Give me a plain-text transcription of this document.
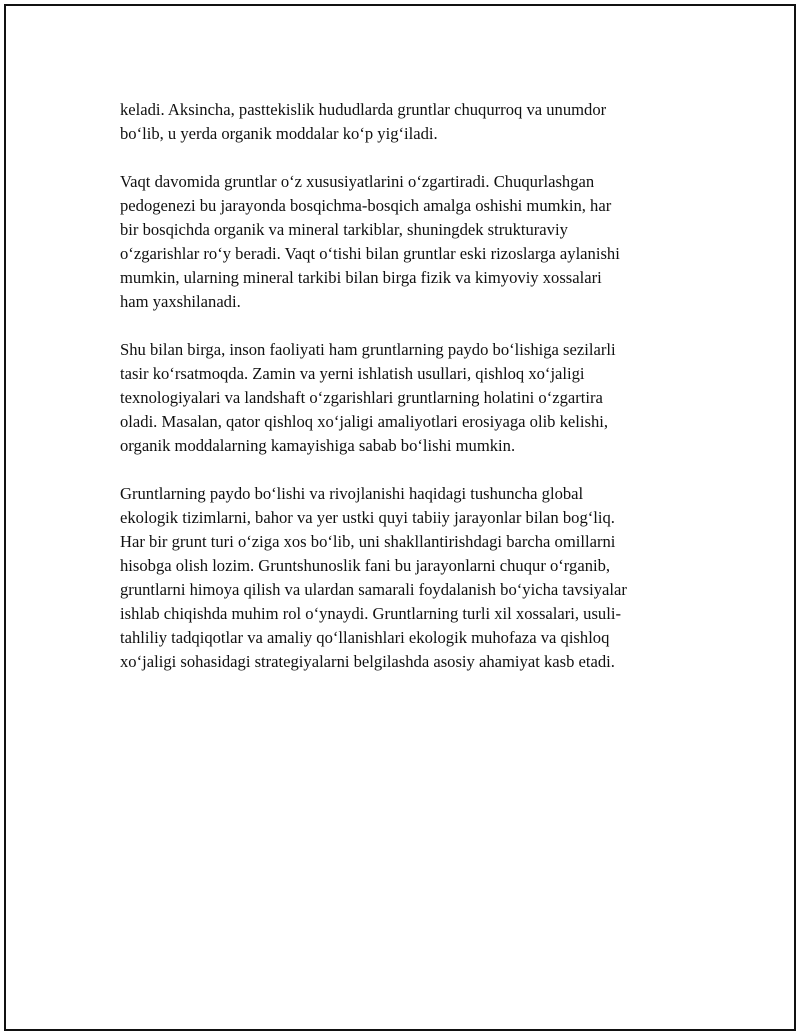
keladi. Aksincha, pasttekislik hududlarda gruntlar chuqurroq va unumdor
bo‘lib, u yerda organik moddalar ko‘p yig‘iladi.

Vaqt davomida gruntlar o‘z xususiyatlarini o‘zgartiradi. Chuqurlashgan
pedogenezi bu jarayonda bosqichma-bosqich amalga oshishi mumkin, har
bir bosqichda organik va mineral tarkiblar, shuningdek strukturaviy
o‘zgarishlar ro‘y beradi. Vaqt o‘tishi bilan gruntlar eski rizoslarga aylanishi
mumkin, ularning mineral tarkibi bilan birga fizik va kimyoviy xossalari
ham yaxshilanadi.

Shu bilan birga, inson faoliyati ham gruntlarning paydo bo‘lishiga sezilarli
tasir ko‘rsatmoqda. Zamin va yerni ishlatish usullari, qishloq xo‘jaligi
texnologiyalari va landshaft o‘zgarishlari gruntlarning holatini o‘zgartira
oladi. Masalan, qator qishloq xo‘jaligi amaliyotlari erosiyaga olib kelishi,
organik moddalarning kamayishiga sabab bo‘lishi mumkin.

Gruntlarning paydo bo‘lishi va rivojlanishi haqidagi tushuncha global
ekologik tizimlarni, bahor va yer ustki quyi tabiiy jarayonlar bilan bog‘liq.
Har bir grunt turi o‘ziga xos bo‘lib, uni shakllantirishdagi barcha omillarni
hisobga olish lozim. Gruntshunoslik fani bu jarayonlarni chuqur o‘rganib,
gruntlarni himoya qilish va ulardan samarali foydalanish bo‘yicha tavsiyalar
ishlab chiqishda muhim rol o‘ynaydi. Gruntlarning turli xil xossalari, usuli-
tahliliy tadqiqotlar va amaliy qo‘llanishlari ekologik muhofaza va qishloq
xo‘jaligi sohasidagi strategiyalarni belgilashda asosiy ahamiyat kasb etadi.
